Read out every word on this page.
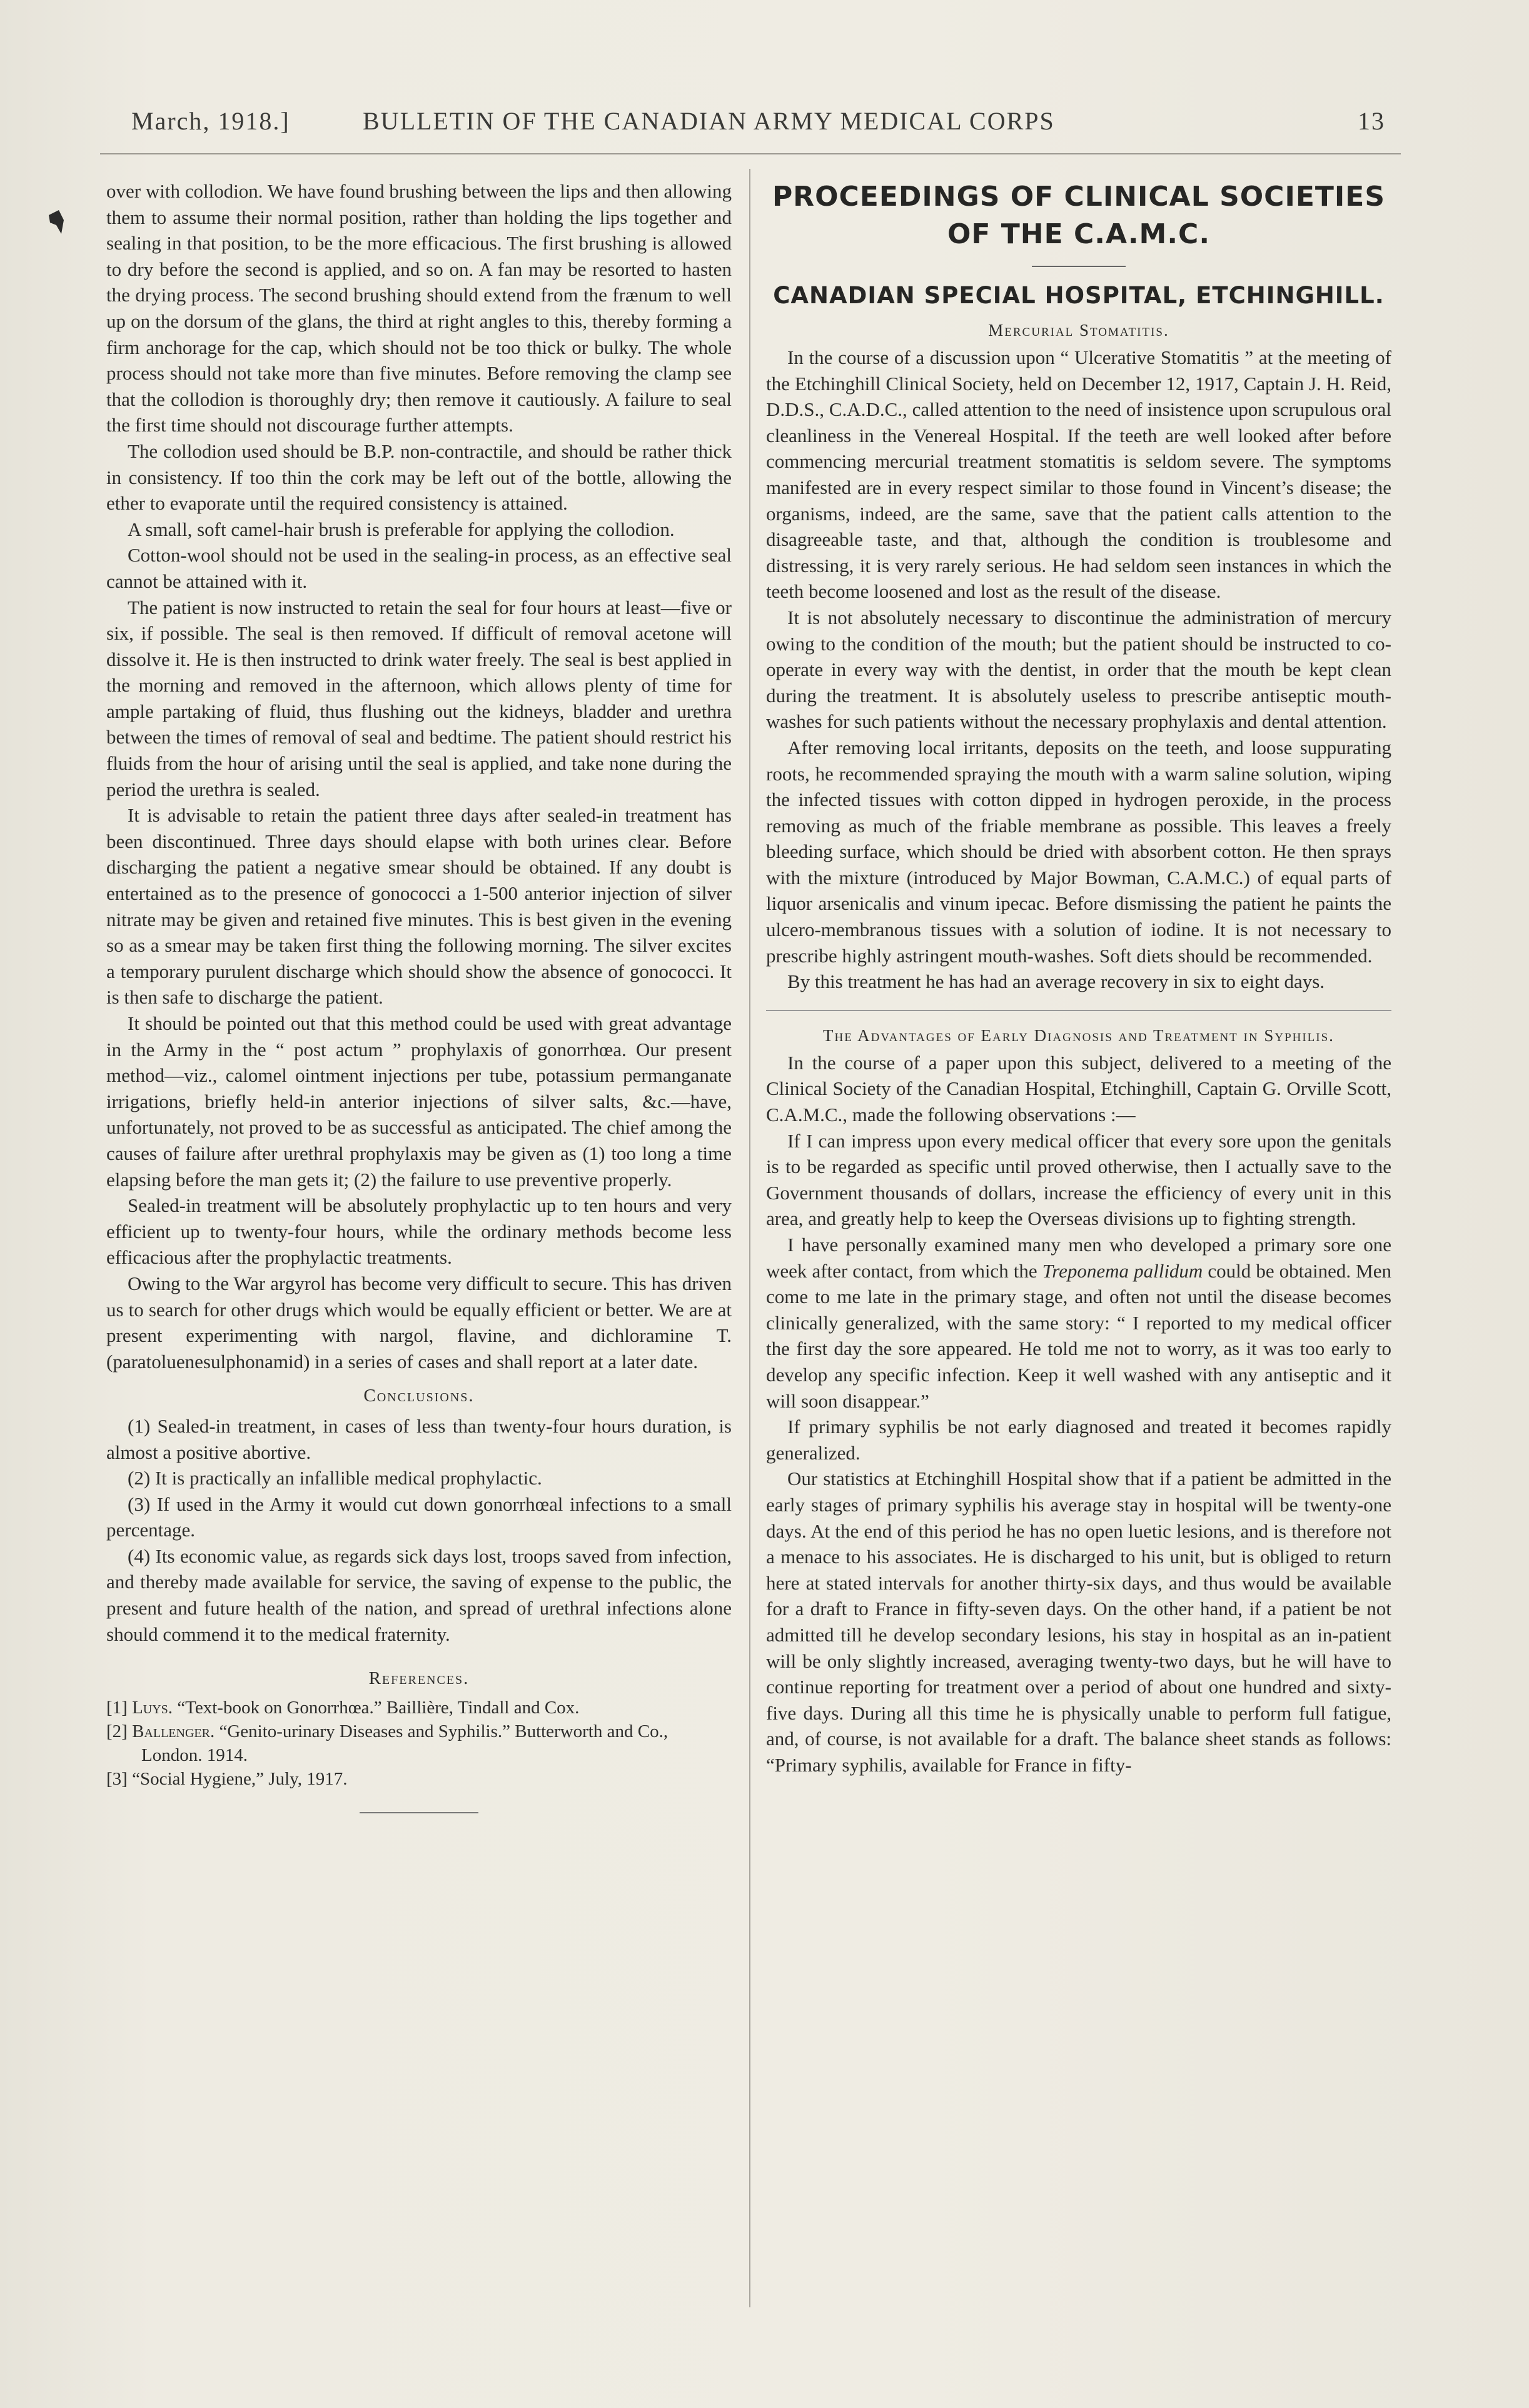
March, 1918.]	BULLETIN OF THE CANADIAN ARMY MEDICAL CORPS	13

over with collodion. We have found brushing between the lips and then allowing them to assume their normal position, rather than holding the lips together and sealing in that position, to be the more efficacious. The first brushing is allowed to dry before the second is applied, and so on. A fan may be resorted to hasten the drying process. The second brushing should extend from the frænum to well up on the dorsum of the glans, the third at right angles to this, thereby forming a firm anchorage for the cap, which should not be too thick or bulky. The whole process should not take more than five minutes. Before removing the clamp see that the collodion is thoroughly dry; then remove it cautiously. A failure to seal the first time should not discourage further attempts.

The collodion used should be B.P. non-contractile, and should be rather thick in consistency. If too thin the cork may be left out of the bottle, allowing the ether to evaporate until the required consistency is attained.

A small, soft camel-hair brush is preferable for applying the collodion.

Cotton-wool should not be used in the sealing-in process, as an effective seal cannot be attained with it.

The patient is now instructed to retain the seal for four hours at least—five or six, if possible. The seal is then removed. If difficult of removal acetone will dissolve it. He is then instructed to drink water freely. The seal is best applied in the morning and removed in the afternoon, which allows plenty of time for ample partaking of fluid, thus flushing out the kidneys, bladder and urethra between the times of removal of seal and bedtime. The patient should restrict his fluids from the hour of arising until the seal is applied, and take none during the period the urethra is sealed.

It is advisable to retain the patient three days after sealed-in treatment has been discontinued. Three days should elapse with both urines clear. Before discharging the patient a negative smear should be obtained. If any doubt is entertained as to the presence of gonococci a 1-500 anterior injection of silver nitrate may be given and retained five minutes. This is best given in the evening so as a smear may be taken first thing the following morning. The silver excites a temporary purulent discharge which should show the absence of gonococci. It is then safe to discharge the patient.

It should be pointed out that this method could be used with great advantage in the Army in the “ post actum ” prophylaxis of gonorrhœa. Our present method—viz., calomel ointment injections per tube, potassium permanganate irrigations, briefly held-in anterior injections of silver salts, &c.—have, unfortunately, not proved to be as successful as anticipated. The chief among the causes of failure after urethral prophylaxis may be given as (1) too long a time elapsing before the man gets it; (2) the failure to use preventive properly.

Sealed-in treatment will be absolutely prophylactic up to ten hours and very efficient up to twenty-four hours, while the ordinary methods become less efficacious after the prophylactic treatments.

Owing to the War argyrol has become very difficult to secure. This has driven us to search for other drugs which would be equally efficient or better. We are at present experimenting with nargol, flavine, and dichloramine T. (paratoluenesulphonamid) in a series of cases and shall report at a later date.

Conclusions.

(1) Sealed-in treatment, in cases of less than twenty-four hours duration, is almost a positive abortive.

(2) It is practically an infallible medical prophylactic.

(3) If used in the Army it would cut down gonorrhœal infections to a small percentage.

(4) Its economic value, as regards sick days lost, troops saved from infection, and thereby made available for service, the saving of expense to the public, the present and future health of the nation, and spread of urethral infections alone should commend it to the medical fraternity.

References.
[1] Luys. “Text-book on Gonorrhœa.” Baillière, Tindall and Cox.
[2] Ballenger. “Genito-urinary Diseases and Syphilis.” Butterworth and Co., London. 1914.
[3] “Social Hygiene,” July, 1917.
PROCEEDINGS OF CLINICAL SOCIETIES OF THE C.A.M.C.
CANADIAN SPECIAL HOSPITAL, ETCHINGHILL.
Mercurial Stomatitis.

In the course of a discussion upon “ Ulcerative Stomatitis ” at the meeting of the Etchinghill Clinical Society, held on December 12, 1917, Captain J. H. Reid, D.D.S., C.A.D.C., called attention to the need of insistence upon scrupulous oral cleanliness in the Venereal Hospital. If the teeth are well looked after before commencing mercurial treatment stomatitis is seldom severe. The symptoms manifested are in every respect similar to those found in Vincent’s disease; the organisms, indeed, are the same, save that the patient calls attention to the disagreeable taste, and that, although the condition is troublesome and distressing, it is very rarely serious. He had seldom seen instances in which the teeth become loosened and lost as the result of the disease.

It is not absolutely necessary to discontinue the administration of mercury owing to the condition of the mouth; but the patient should be instructed to co-operate in every way with the dentist, in order that the mouth be kept clean during the treatment. It is absolutely useless to prescribe antiseptic mouth-washes for such patients without the necessary prophylaxis and dental attention.

After removing local irritants, deposits on the teeth, and loose suppurating roots, he recommended spraying the mouth with a warm saline solution, wiping the infected tissues with cotton dipped in hydrogen peroxide, in the process removing as much of the friable membrane as possible. This leaves a freely bleeding surface, which should be dried with absorbent cotton. He then sprays with the mixture (introduced by Major Bowman, C.A.M.C.) of equal parts of liquor arsenicalis and vinum ipecac. Before dismissing the patient he paints the ulcero-membranous tissues with a solution of iodine. It is not necessary to prescribe highly astringent mouth-washes. Soft diets should be recommended.

By this treatment he has had an average recovery in six to eight days.

The Advantages of Early Diagnosis and Treatment in Syphilis.

In the course of a paper upon this subject, delivered to a meeting of the Clinical Society of the Canadian Hospital, Etchinghill, Captain G. Orville Scott, C.A.M.C., made the following observations :—

If I can impress upon every medical officer that every sore upon the genitals is to be regarded as specific until proved otherwise, then I actually save to the Government thousands of dollars, increase the efficiency of every unit in this area, and greatly help to keep the Overseas divisions up to fighting strength.

I have personally examined many men who developed a primary sore one week after contact, from which the Treponema pallidum could be obtained. Men come to me late in the primary stage, and often not until the disease becomes clinically generalized, with the same story: “ I reported to my medical officer the first day the sore appeared. He told me not to worry, as it was too early to develop any specific infection. Keep it well washed with any antiseptic and it will soon disappear.”

If primary syphilis be not early diagnosed and treated it becomes rapidly generalized.

Our statistics at Etchinghill Hospital show that if a patient be admitted in the early stages of primary syphilis his average stay in hospital will be twenty-one days. At the end of this period he has no open luetic lesions, and is therefore not a menace to his associates. He is discharged to his unit, but is obliged to return here at stated intervals for another thirty-six days, and thus would be available for a draft to France in fifty-seven days. On the other hand, if a patient be not admitted till he develop secondary lesions, his stay in hospital as an in-patient will be only slightly increased, averaging twenty-two days, but he will have to continue reporting for treatment over a period of about one hundred and sixty-five days. During all this time he is physically unable to perform full fatigue, and, of course, is not available for a draft. The balance sheet stands as follows: “Primary syphilis, available for France in fifty-
